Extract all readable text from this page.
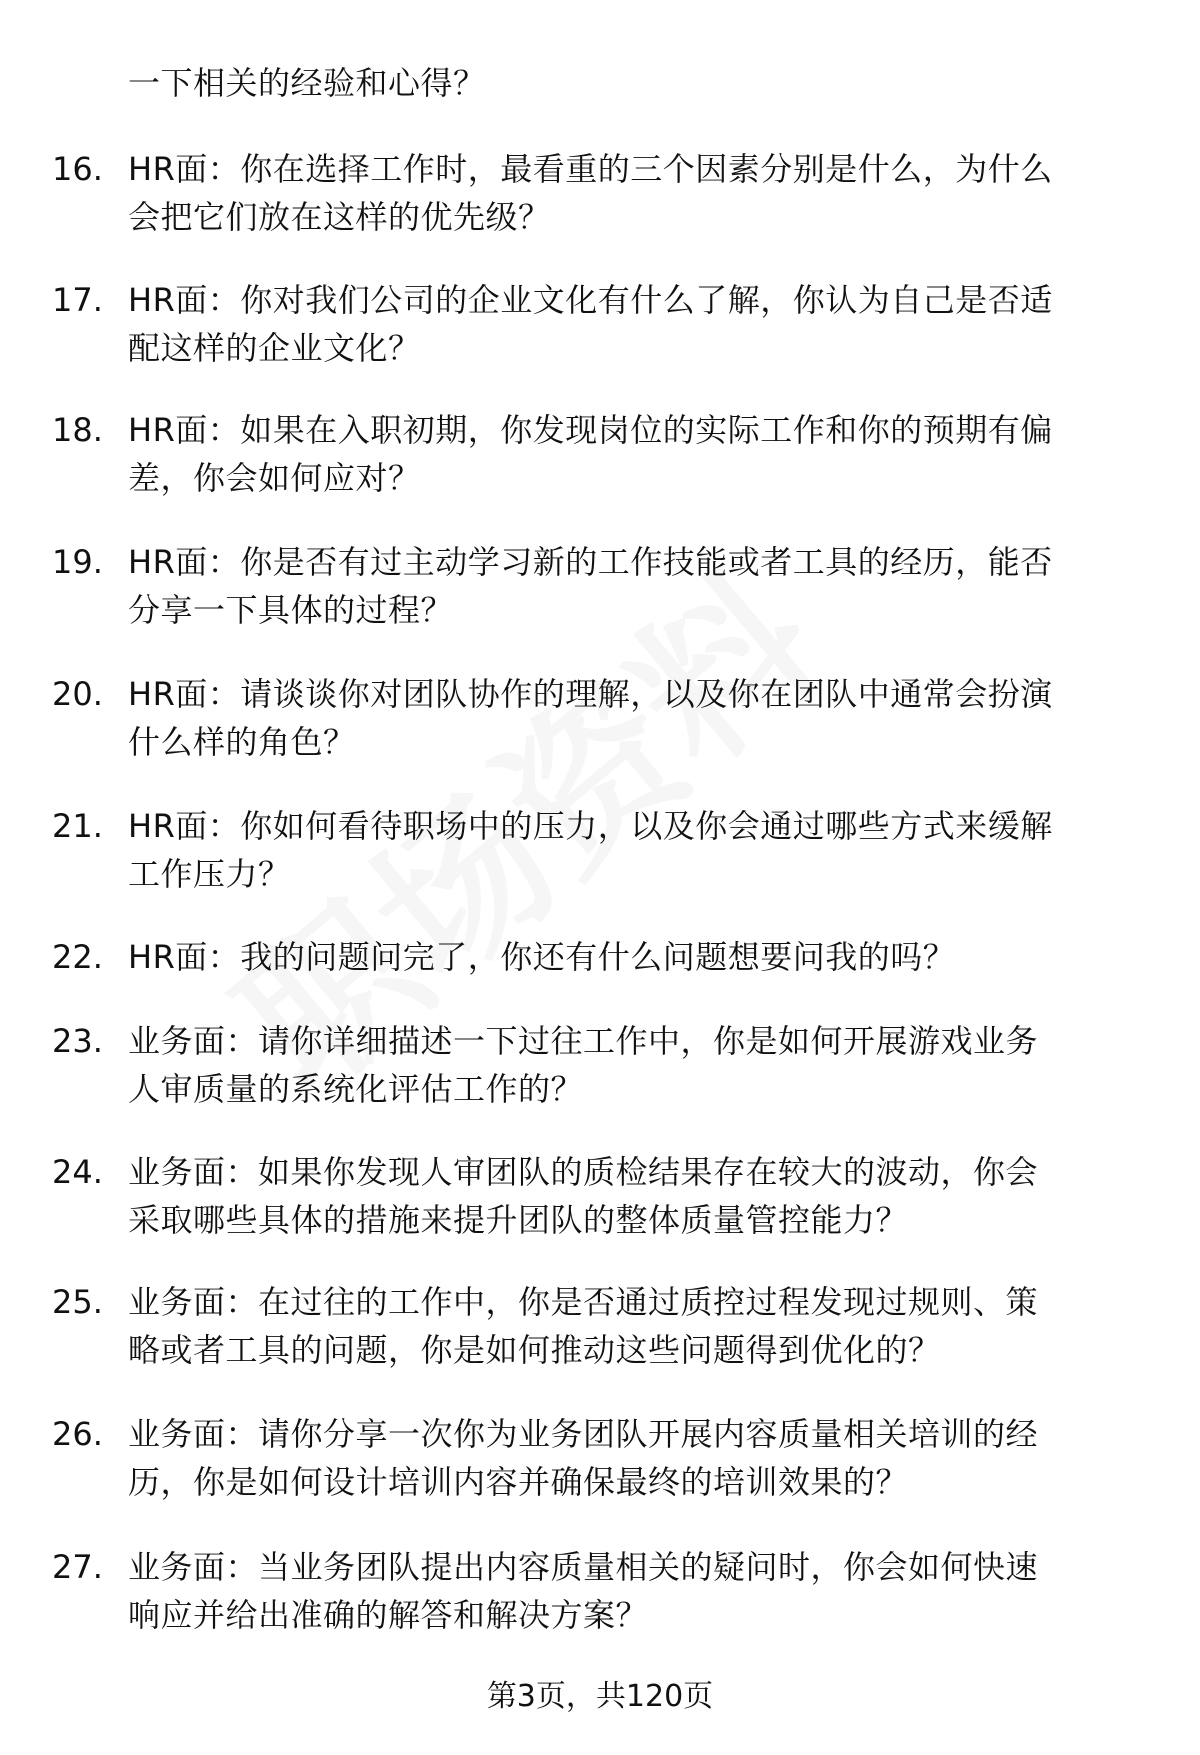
一下相关的经验和心得？
16. HR面：你在选择工作时，最看重的三个因素分别是什么，为什么
会把它们放在这样的优先级？
17. HR面：你对我们公司的企业文化有什么了解，你认为自己是否适
配这样的企业文化？
18. HR面：如果在入职初期，你发现岗位的实际工作和你的预期有偏
差，你会如何应对？
19. HR面：你是否有过主动学习新的工作技能或者工具的经历，能否
分享一下具体的过程？
20. HR面：请谈谈你对团队协作的理解，以及你在团队中通常会扮演
什么样的角色？
21. HR面：你如何看待职场中的压力，以及你会通过哪些方式来缓解
工作压力？
22. HR面：我的问题问完了，你还有什么问题想要问我的吗？
23. 业务面：请你详细描述一下过往工作中，你是如何开展游戏业务
人审质量的系统化评估工作的？
24. 业务面：如果你发现人审团队的质检结果存在较大的波动，你会
采取哪些具体的措施来提升团队的整体质量管控能力？
25. 业务面：在过往的工作中，你是否通过质控过程发现过规则、策
略或者工具的问题，你是如何推动这些问题得到优化的？
26. 业务面：请你分享一次你为业务团队开展内容质量相关培训的经
历，你是如何设计培训内容并确保最终的培训效果的？
27. 业务面：当业务团队提出内容质量相关的疑问时，你会如何快速
响应并给出准确的解答和解决方案？
第3页，共120页
